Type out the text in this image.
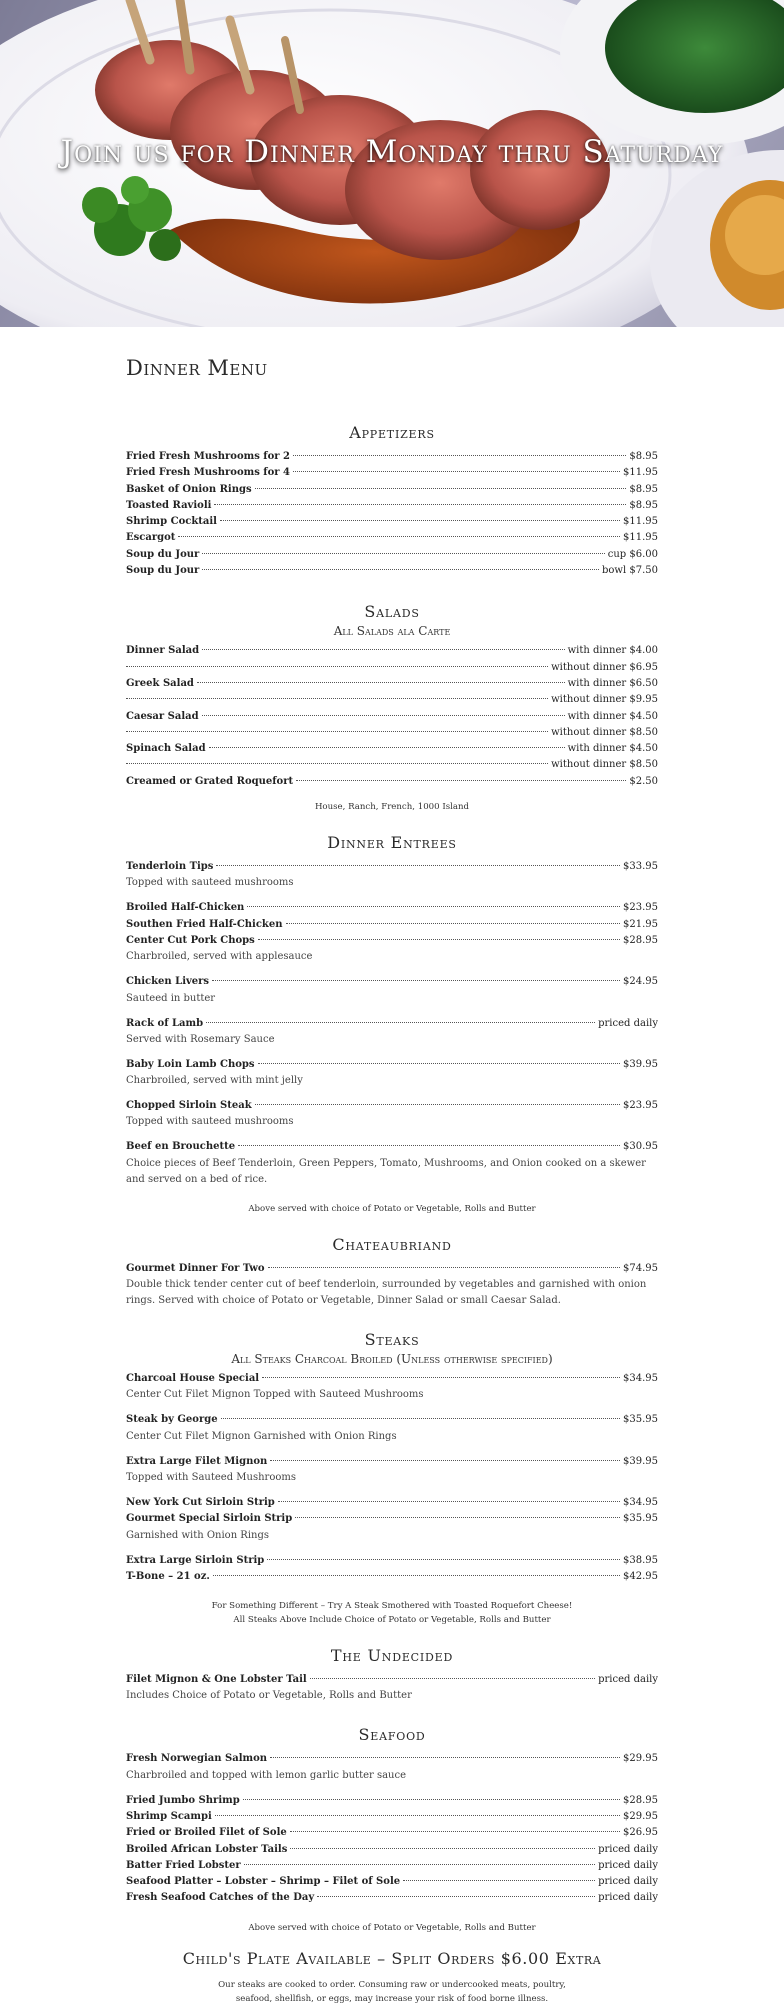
Join us for Dinner Monday thru Saturday
Dinner Menu
Appetizers
Fried Fresh Mushrooms for 2	$8.95
Fried Fresh Mushrooms for 4	$11.95
Basket of Onion Rings	$8.95
Toasted Ravioli	$8.95
Shrimp Cocktail	$11.95
Escargot	$11.95
Soup du Jour	cup $6.00
Soup du Jour	bowl $7.50
Salads
All Salads ala Carte
Dinner Salad	with dinner $4.00
without dinner $6.95
Greek Salad	with dinner $6.50
without dinner $9.95
Caesar Salad	with dinner $4.50
without dinner $8.50
Spinach Salad	with dinner $4.50
without dinner $8.50
Creamed or Grated Roquefort	$2.50
House, Ranch, French, 1000 Island
Dinner Entrees
Tenderloin Tips	$33.95
Topped with sauteed mushrooms
Broiled Half-Chicken	$23.95
Southen Fried Half-Chicken	$21.95
Center Cut Pork Chops	$28.95
Charbroiled, served with applesauce
Chicken Livers	$24.95
Sauteed in butter
Rack of Lamb	priced daily
Served with Rosemary Sauce
Baby Loin Lamb Chops	$39.95
Charbroiled, served with mint jelly
Chopped Sirloin Steak	$23.95
Topped with sauteed mushrooms
Beef en Brouchette	$30.95
Choice pieces of Beef Tenderloin, Green Peppers, Tomato, Mushrooms, and Onion cooked on a skewer and served on a bed of rice.
Above served with choice of Potato or Vegetable, Rolls and Butter
Chateaubriand
Gourmet Dinner For Two	$74.95
Double thick tender center cut of beef tenderloin, surrounded by vegetables and garnished with onion rings. Served with choice of Potato or Vegetable, Dinner Salad or small Caesar Salad.
Steaks
All Steaks Charcoal Broiled (Unless otherwise specified)
Charcoal House Special	$34.95
Center Cut Filet Mignon Topped with Sauteed Mushrooms
Steak by George	$35.95
Center Cut Filet Mignon Garnished with Onion Rings
Extra Large Filet Mignon	$39.95
Topped with Sauteed Mushrooms
New York Cut Sirloin Strip	$34.95
Gourmet Special Sirloin Strip	$35.95
Garnished with Onion Rings
Extra Large Sirloin Strip	$38.95
T-Bone – 21 oz.	$42.95
For Something Different – Try A Steak Smothered with Toasted Roquefort Cheese!
All Steaks Above Include Choice of Potato or Vegetable, Rolls and Butter
The Undecided
Filet Mignon & One Lobster Tail	priced daily
Includes Choice of Potato or Vegetable, Rolls and Butter
Seafood
Fresh Norwegian Salmon	$29.95
Charbroiled and topped with lemon garlic butter sauce
Fried Jumbo Shrimp	$28.95
Shrimp Scampi	$29.95
Fried or Broiled Filet of Sole	$26.95
Broiled African Lobster Tails	priced daily
Batter Fried Lobster	priced daily
Seafood Platter – Lobster – Shrimp – Filet of Sole	priced daily
Fresh Seafood Catches of the Day	priced daily
Above served with choice of Potato or Vegetable, Rolls and Butter
Child's Plate Available – Split Orders $6.00 Extra
Our steaks are cooked to order. Consuming raw or undercooked meats, poultry,
seafood, shellfish, or eggs, may increase your risk of food borne illness.
